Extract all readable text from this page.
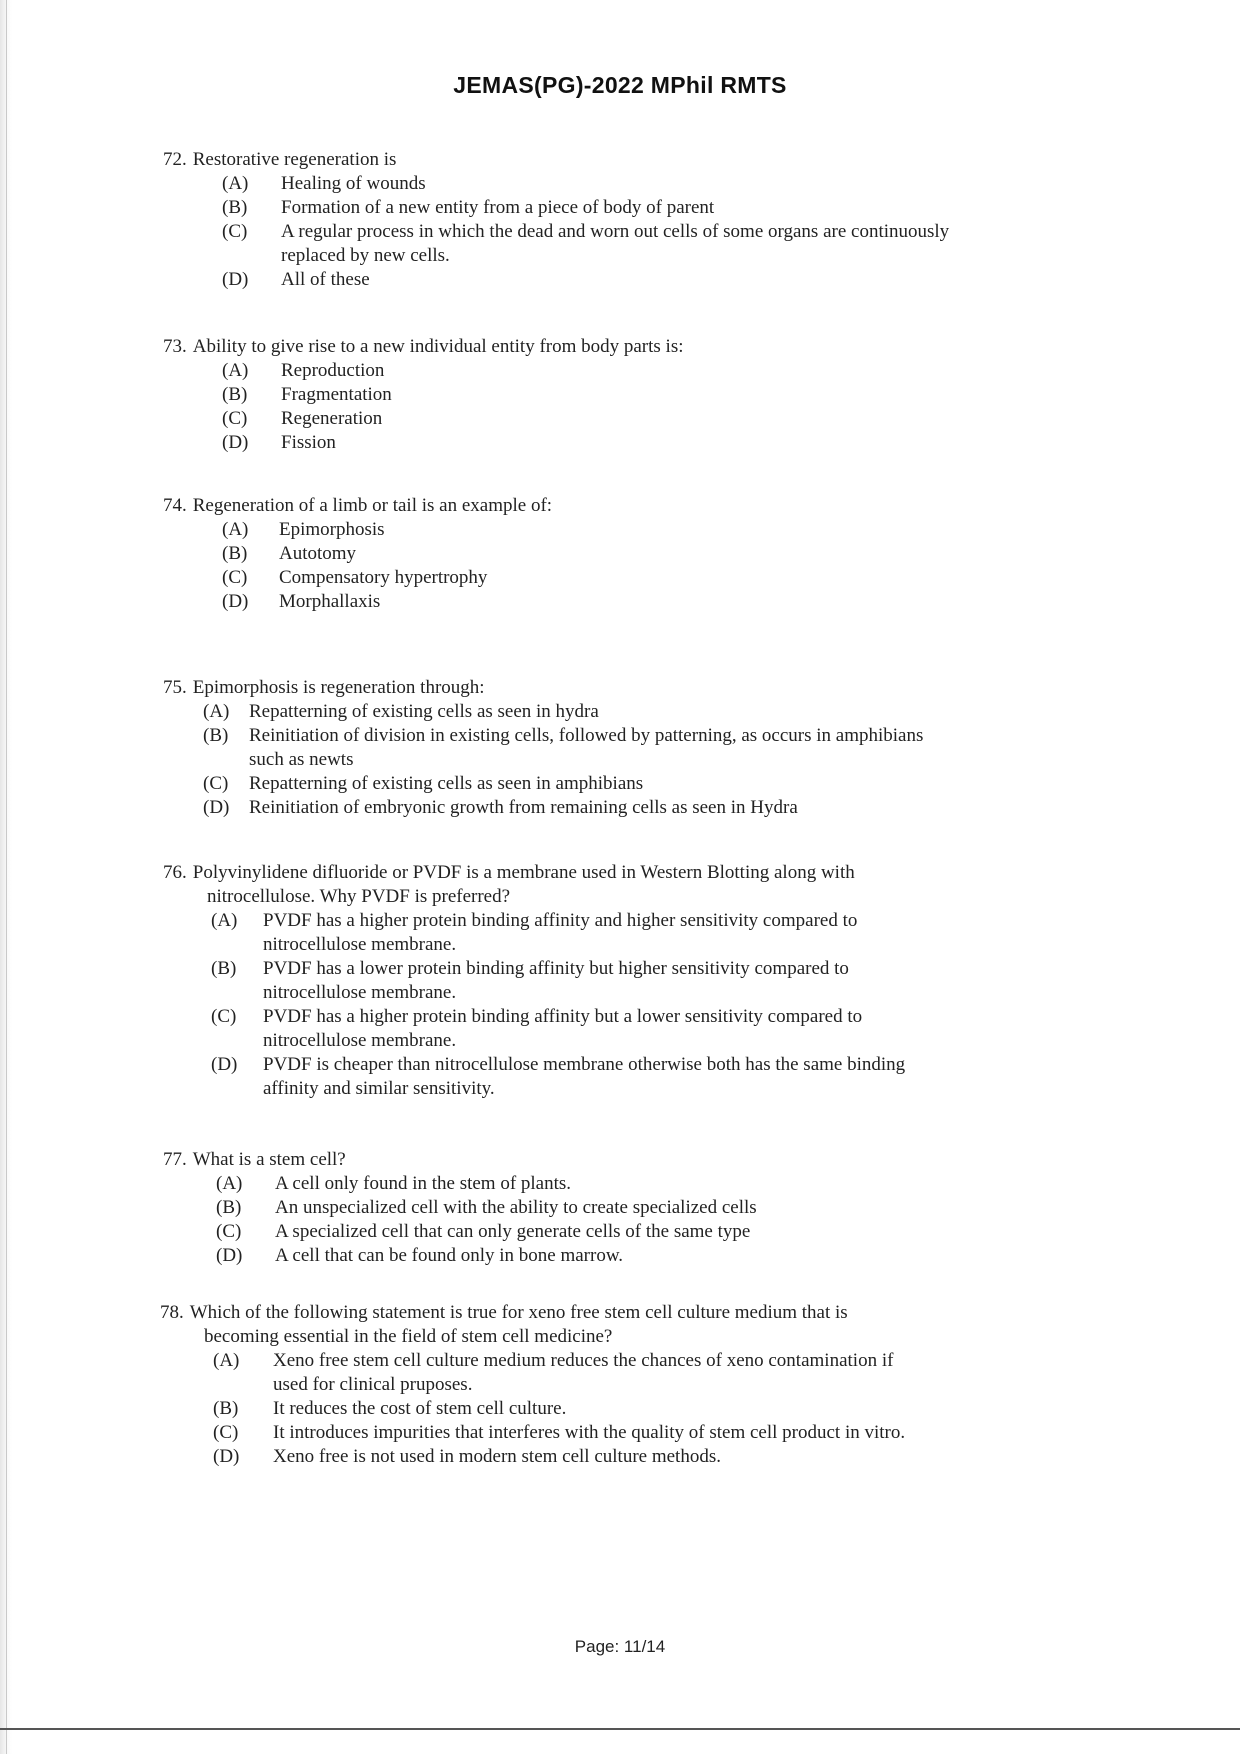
JEMAS(PG)-2022 MPhil RMTS
72. Restorative regeneration is
(A)	Healing of wounds
(B)	Formation of a new entity from a piece of body of parent
(C)	A regular process in which the dead and worn out cells of some organs are continuously
replaced by new cells.
(D)	All of these
73. Ability to give rise to a new individual entity from body parts is:
(A)	Reproduction
(B)	Fragmentation
(C)	Regeneration
(D)	Fission
74. Regeneration of a limb or tail is an example of:
(A)	Epimorphosis
(B)	Autotomy
(C)	Compensatory hypertrophy
(D)	Morphallaxis
75. Epimorphosis is regeneration through:
(A)	Repatterning of existing cells as seen in hydra
(B)	Reinitiation of division in existing cells, followed by patterning, as occurs in amphibians
such as newts
(C)	Repatterning of existing cells as seen in amphibians
(D)	Reinitiation of embryonic growth from remaining cells as seen in Hydra
76. Polyvinylidene difluoride or PVDF is a membrane used in Western Blotting along with
nitrocellulose. Why PVDF is preferred?
(A)	PVDF has a higher protein binding affinity and higher sensitivity compared to
nitrocellulose membrane.
(B)	PVDF has a lower protein binding affinity but higher sensitivity compared to
nitrocellulose membrane.
(C)	PVDF has a higher protein binding affinity but a lower sensitivity compared to
nitrocellulose membrane.
(D)	PVDF is cheaper than nitrocellulose membrane otherwise both has the same binding
affinity and similar sensitivity.
77. What is a stem cell?
(A)	A cell only found in the stem of plants.
(B)	An unspecialized cell with the ability to create specialized cells
(C)	A specialized cell that can only generate cells of the same type
(D)	A cell that can be found only in bone marrow.
78. Which of the following statement is true for xeno free stem cell culture medium that is
becoming essential in the field of stem cell medicine?
(A)	Xeno free stem cell culture medium reduces the chances of xeno contamination if
used for clinical pruposes.
(B)	It reduces the cost of stem cell culture.
(C)	It introduces impurities that interferes with the quality of stem cell product in vitro.
(D)	Xeno free is not used in modern stem cell culture methods.
Page: 11/14
